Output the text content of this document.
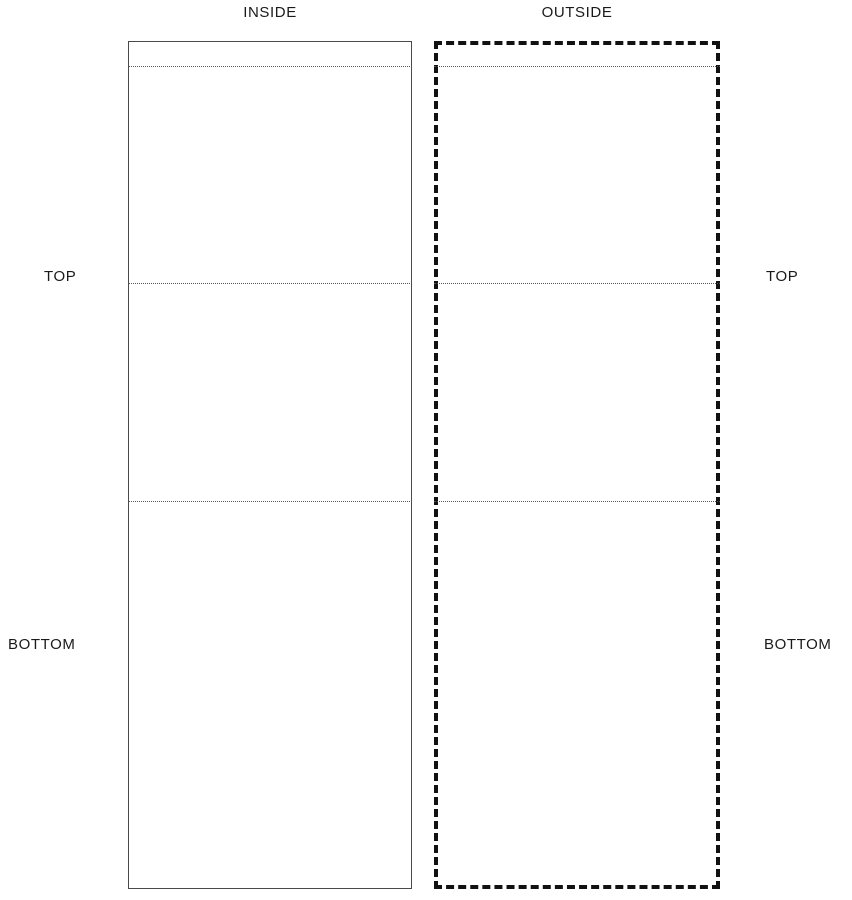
INSIDE	OUTSIDE
TOP
BOTTOM
TOP
BOTTOM
